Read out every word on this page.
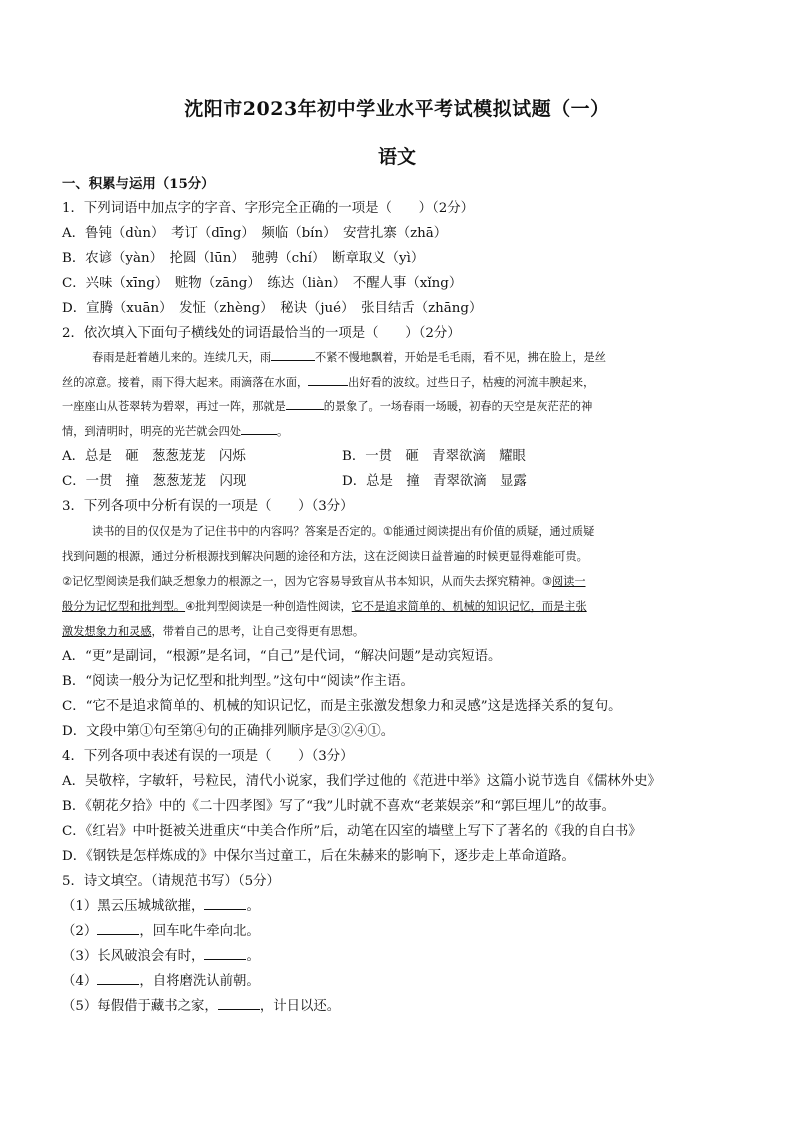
沈阳市2023年初中学业水平考试模拟试题（一）
语文
一、积累与运用（15分）
1．下列词语中加点字的字音、字形完全正确的一项是（　　）（2分）
A．鲁钝（dùn）　考订（dīng）　频临（bín）　安营扎寨（zhā）
B．农谚（yàn）　抡圆（lūn）　驰骋（chí）　断章取义（yì）
C．兴味（xīng）　赃物（zāng）　练达（liàn）　不醒人事（xǐng）
D．宣腾（xuān）　发怔（zhèng）　秘诀（jué）　张目结舌（zhāng）
2．依次填入下面句子横线处的词语最恰当的一项是（　　）（2分）
春雨是赶着趟儿来的。连续几天，雨	不紧不慢地飘着，开始是毛毛雨，看不见，拂在脸上，是丝
丝的凉意。接着，雨下得大起来。雨滴落在水面，	出好看的波纹。过些日子，枯瘦的河流丰腴起来，
一座座山从苍翠转为碧翠，再过一阵，那就是	的景象了。一场春雨一场暖，初春的天空是灰茫茫的神
情，到清明时，明亮的光芒就会四处	。
A．总是　砸　葱葱茏茏　闪烁	B．一贯　砸　青翠欲滴　耀眼
C．一贯　撞　葱葱茏茏　闪现	D．总是　撞　青翠欲滴　显露
3．下列各项中分析有误的一项是（　　）（3分）
读书的目的仅仅是为了记住书中的内容吗？答案是否定的。①能通过阅读提出有价值的质疑，通过质疑
找到问题的根源，通过分析根源找到解决问题的途径和方法，这在泛阅读日益普遍的时候更显得难能可贵。
②记忆型阅读是我们缺乏想象力的根源之一，因为它容易导致盲从书本知识，从而失去探究精神。③阅读一
般分为记忆型和批判型。④批判型阅读是一种创造性阅读，它不是追求简单的、机械的知识记忆，而是主张
激发想象力和灵感，带着自己的思考，让自己变得更有思想。
A．“更”是副词，“根源”是名词，“自己”是代词，“解决问题”是动宾短语。
B．“阅读一般分为记忆型和批判型。”这句中“阅读”作主语。
C．“它不是追求简单的、机械的知识记忆，而是主张激发想象力和灵感”这是选择关系的复句。
D．文段中第①句至第④句的正确排列顺序是③②④①。
4．下列各项中表述有误的一项是（　　）（3分）
A．吴敬梓，字敏轩，号粒民，清代小说家，我们学过他的《范进中举》这篇小说节选自《儒林外史》
B．《朝花夕拾》中的《二十四孝图》写了“我”儿时就不喜欢“老莱娱亲”和“郭巨埋儿”的故事。
C．《红岩》中叶挺被关进重庆“中美合作所”后，动笔在囚室的墙壁上写下了著名的《我的自白书》
D．《钢铁是怎样炼成的》中保尔当过童工，后在朱赫来的影响下，逐步走上革命道路。
5．诗文填空。（请规范书写）（5分）
（1）黑云压城城欲摧，	。
（2）	，回车叱牛牵向北。
（3）长风破浪会有时，	。
（4）	，自将磨洗认前朝。
（5）每假借于藏书之家，	，计日以还。
